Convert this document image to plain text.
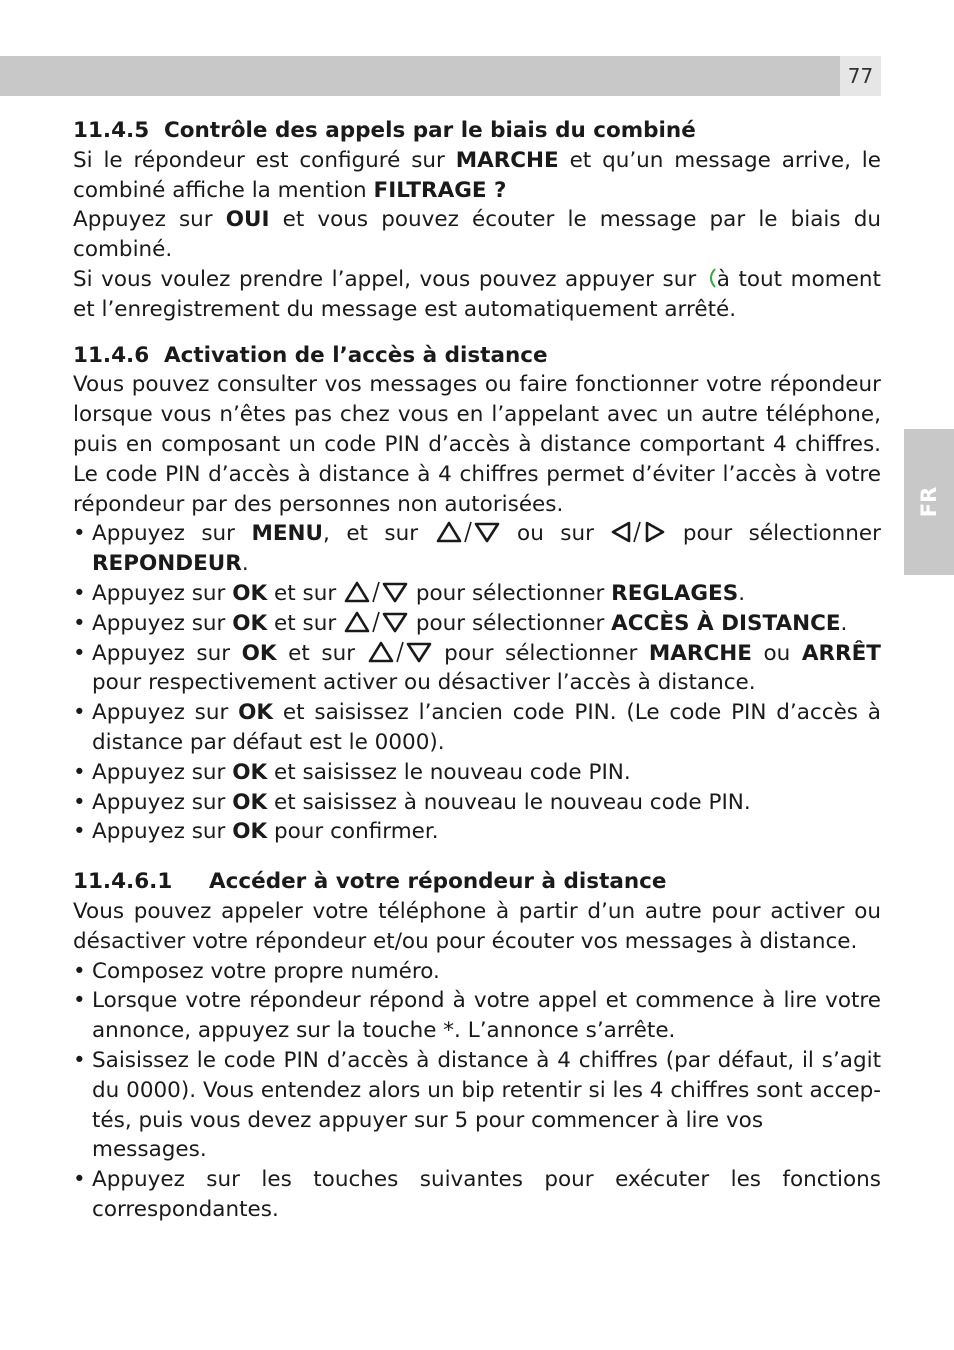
77
FR

11.4.5 Contrôle des appels par le biais du combiné

Si le répondeur est configuré sur MARCHE et qu’un message arrive, le

combiné affiche la mention FILTRAGE ?

Appuyez sur OUI et vous pouvez écouter le message par le biais du

combiné.

Si vous voulez prendre l’appel, vous pouvez appuyer sur à tout moment

et l’enregistrement du message est automatiquement arrêté.

11.4.6 Activation de l’accès à distance

Vous pouvez consulter vos messages ou faire fonctionner votre répondeur

lorsque vous n’êtes pas chez vous en l’appelant avec un autre téléphone,

puis en composant un code PIN d’accès à distance comportant 4 chiffres.

Le code PIN d’accès à distance à 4 chiffres permet d’éviter l’accès à votre

répondeur par des personnes non autorisées.

• Appuyez sur MENU, et sur	ou sur	pour sélectionner

REPONDEUR.

• Appuyez sur OK et sur	pour sélectionner REGLAGES.

• Appuyez sur OK et sur	pour sélectionner ACCÈS À DISTANCE.

• Appuyez sur OK et sur	pour sélectionner MARCHE ou ARRÊT

pour respectivement activer ou désactiver l’accès à distance.

• Appuyez sur OK et saisissez l’ancien code PIN. (Le code PIN d’accès à

distance par défaut est le 0000).

• Appuyez sur OK et saisissez le nouveau code PIN.

• Appuyez sur OK et saisissez à nouveau le nouveau code PIN.

• Appuyez sur OK pour confirmer.

11.4.6.1 Accéder à votre répondeur à distance

Vous pouvez appeler votre téléphone à partir d’un autre pour activer ou

désactiver votre répondeur et/ou pour écouter vos messages à distance.

• Composez votre propre numéro.

• Lorsque votre répondeur répond à votre appel et commence à lire votre

annonce, appuyez sur la touche *. L’annonce s’arrête.

• Saisissez le code PIN d’accès à distance à 4 chiffres (par défaut, il s’agit

du 0000). Vous entendez alors un bip retentir si les 4 chiffres sont accep-

tés, puis vous devez appuyer sur 5 pour commencer à lire vos messages.

• Appuyez sur les touches suivantes pour exécuter les fonctions

correspondantes.
